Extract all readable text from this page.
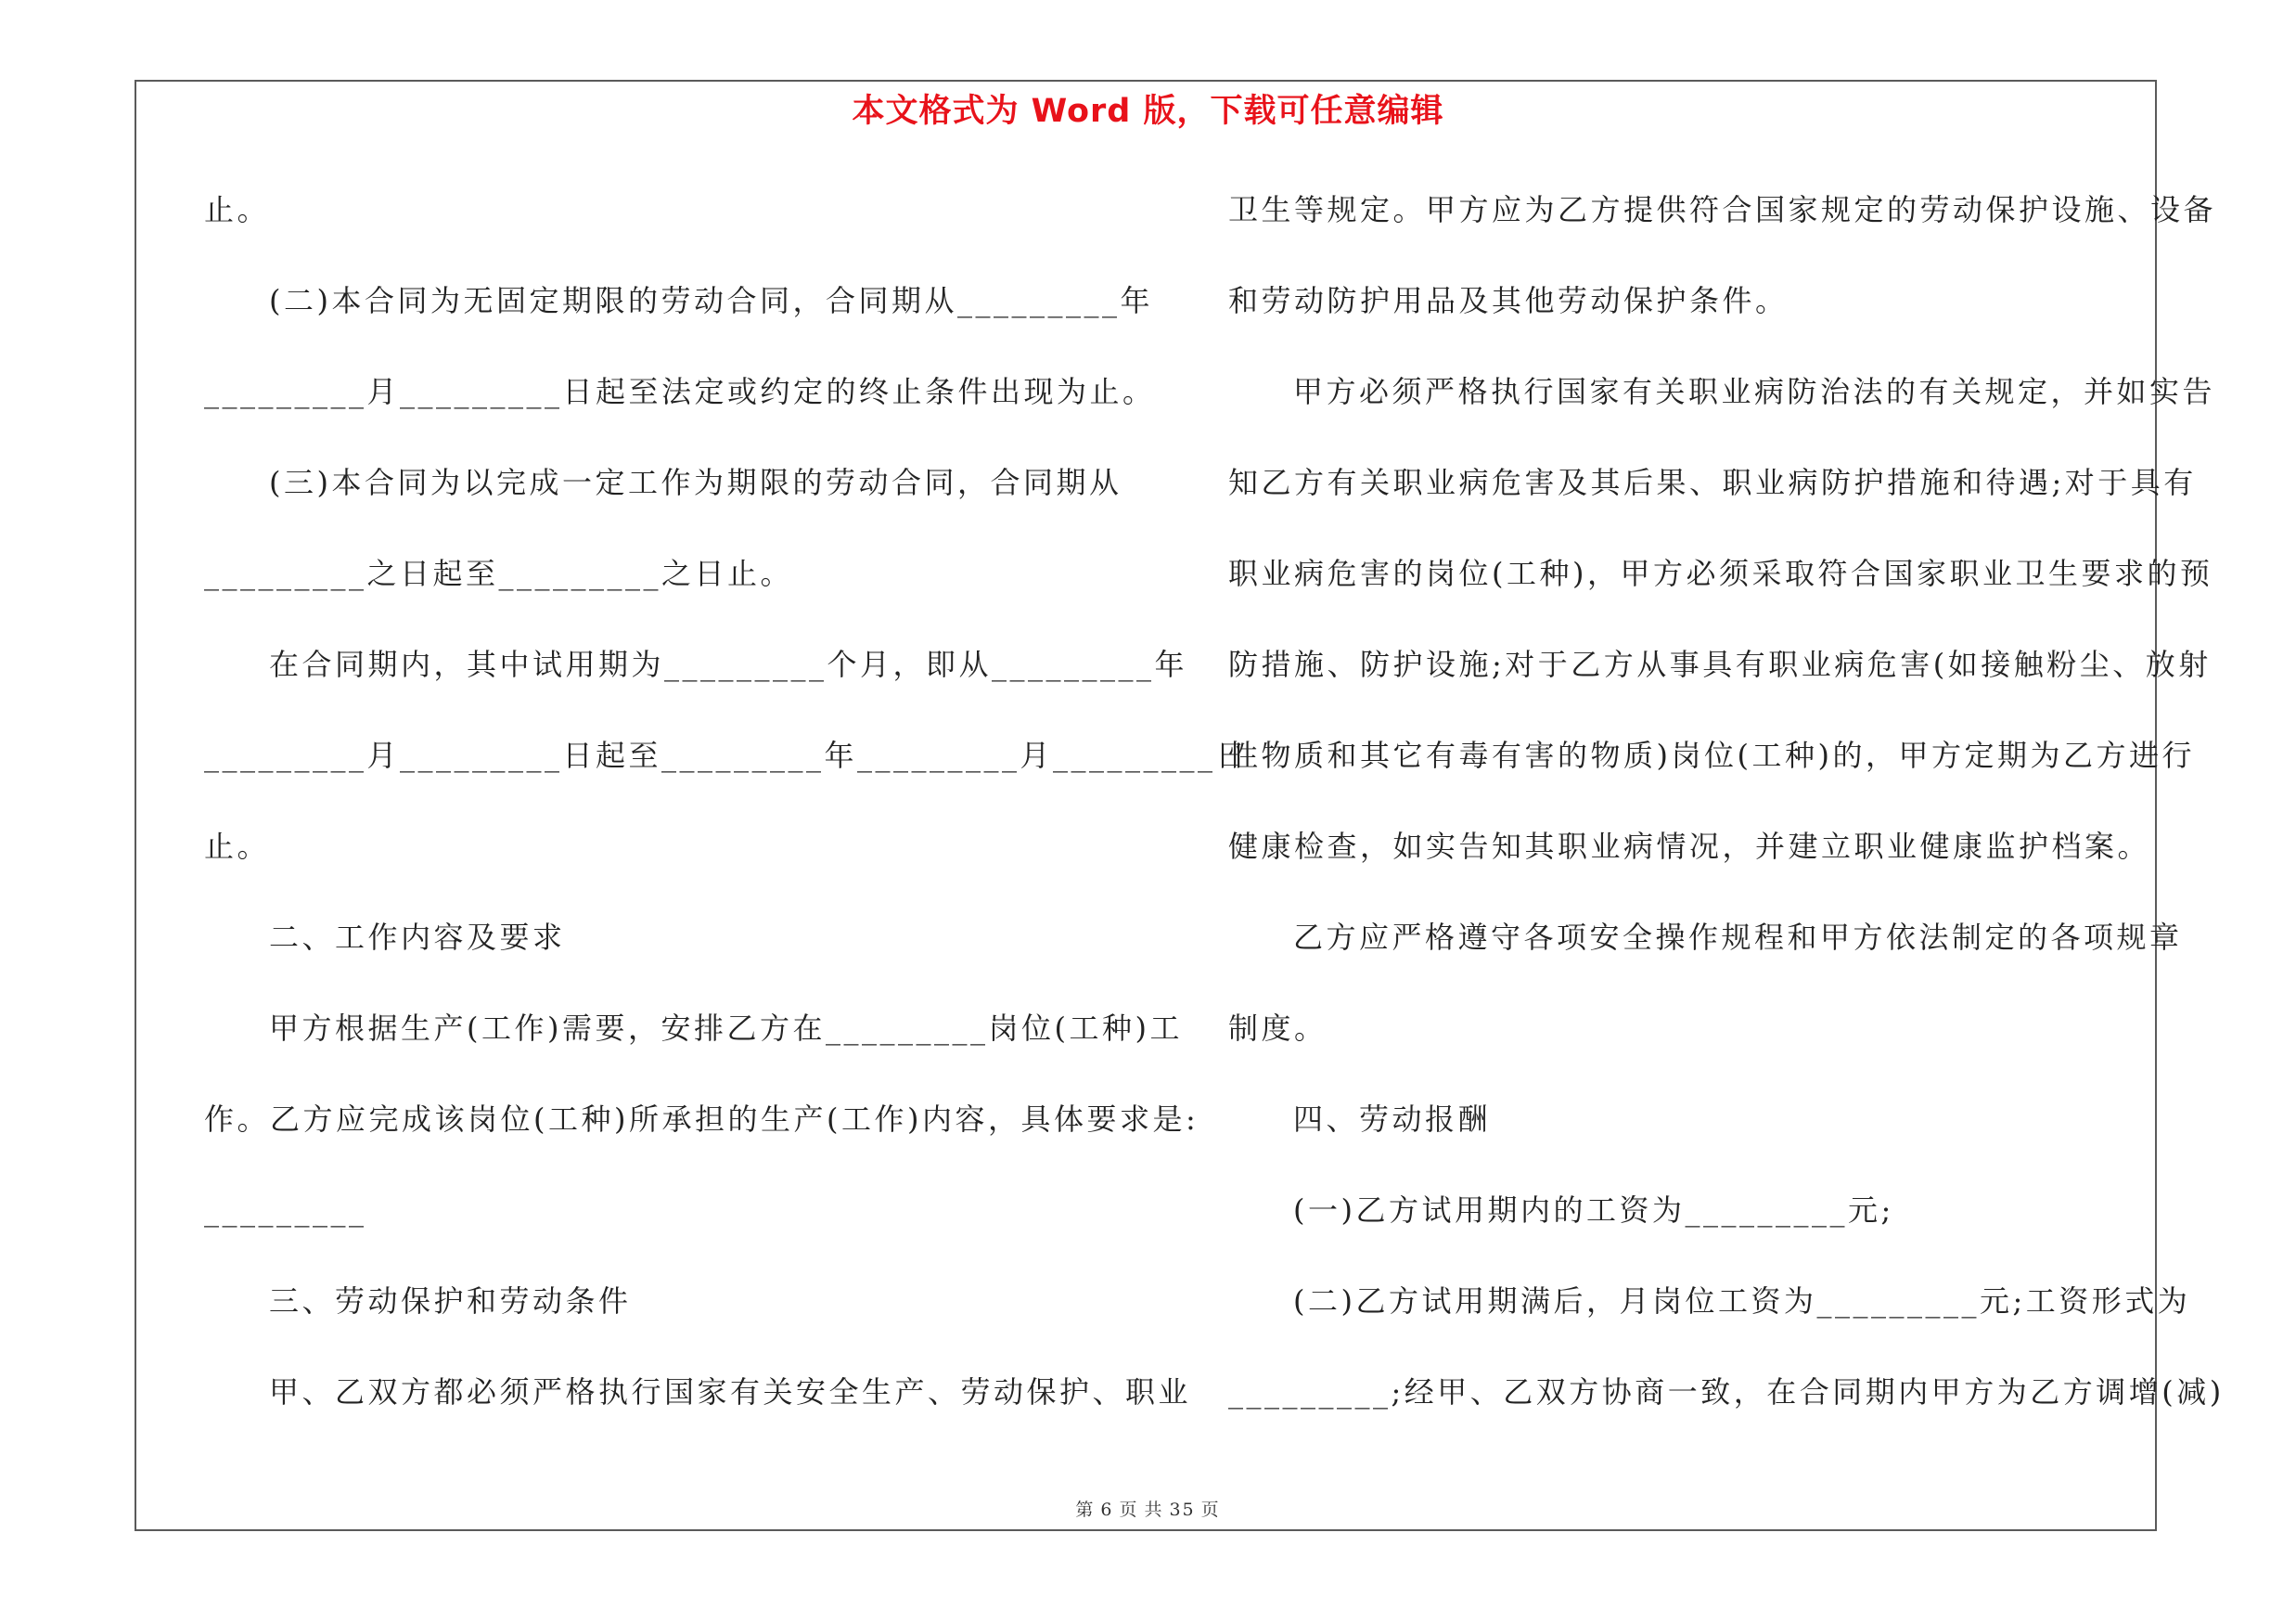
本文格式为 Word 版，下载可任意编辑
止。
(二)本合同为无固定期限的劳动合同，合同期从_________年
_________月_________日起至法定或约定的终止条件出现为止。
(三)本合同为以完成一定工作为期限的劳动合同，合同期从
_________之日起至_________之日止。
在合同期内，其中试用期为_________个月，即从_________年
_________月_________日起至_________年_________月_________日
止。
二、工作内容及要求
甲方根据生产(工作)需要，安排乙方在_________岗位(工种)工
作。乙方应完成该岗位(工种)所承担的生产(工作)内容，具体要求是:
_________
三、劳动保护和劳动条件
甲、乙双方都必须严格执行国家有关安全生产、劳动保护、职业
卫生等规定。甲方应为乙方提供符合国家规定的劳动保护设施、设备
和劳动防护用品及其他劳动保护条件。
甲方必须严格执行国家有关职业病防治法的有关规定，并如实告
知乙方有关职业病危害及其后果、职业病防护措施和待遇;对于具有
职业病危害的岗位(工种)，甲方必须采取符合国家职业卫生要求的预
防措施、防护设施;对于乙方从事具有职业病危害(如接触粉尘、放射
性物质和其它有毒有害的物质)岗位(工种)的，甲方定期为乙方进行
健康检查，如实告知其职业病情况，并建立职业健康监护档案。
乙方应严格遵守各项安全操作规程和甲方依法制定的各项规章
制度。
四、劳动报酬
(一)乙方试用期内的工资为_________元;
(二)乙方试用期满后，月岗位工资为_________元;工资形式为
_________;经甲、乙双方协商一致，在合同期内甲方为乙方调增(减)
第 6 页 共 35 页
